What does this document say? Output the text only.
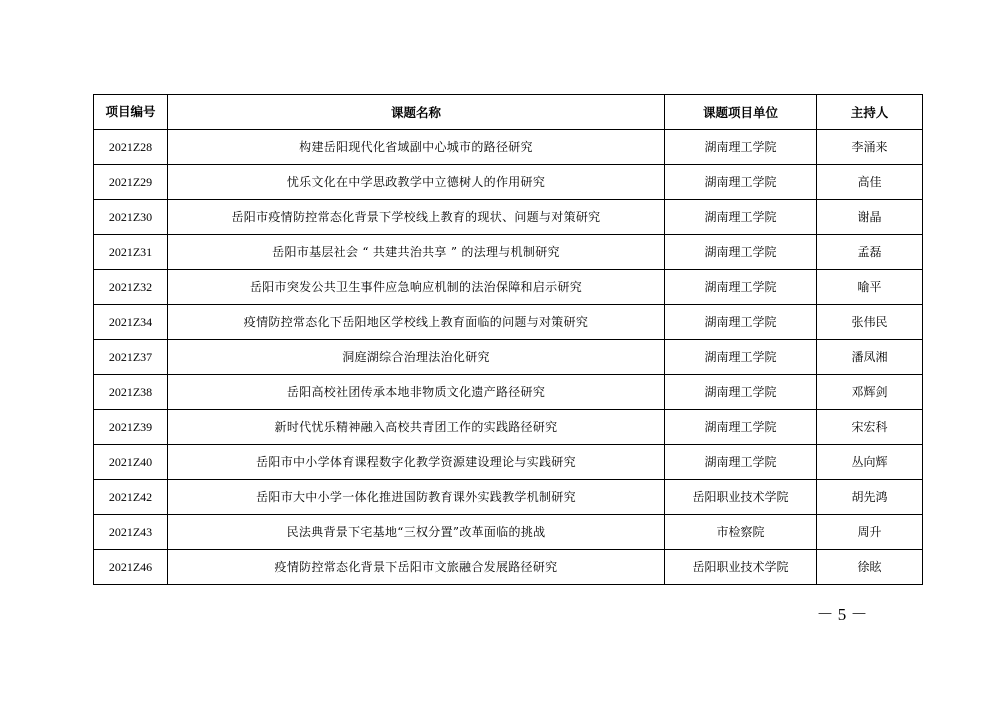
项目编号	课题名称	课题项目单位	主持人
2021Z28	构建岳阳现代化省域副中心城市的路径研究	湖南理工学院	李涌来
2021Z29	忧乐文化在中学思政教学中立德树人的作用研究	湖南理工学院	高佳
2021Z30	岳阳市疫情防控常态化背景下学校线上教育的现状、问题与对策研究	湖南理工学院	谢晶
2021Z31	岳阳市基层社会 “ 共建共治共享 ” 的法理与机制研究	湖南理工学院	孟磊
2021Z32	岳阳市突发公共卫生事件应急响应机制的法治保障和启示研究	湖南理工学院	喻平
2021Z34	疫情防控常态化下岳阳地区学校线上教育面临的问题与对策研究	湖南理工学院	张伟民
2021Z37	洞庭湖综合治理法治化研究	湖南理工学院	潘凤湘
2021Z38	岳阳高校社团传承本地非物质文化遗产路径研究	湖南理工学院	邓辉剑
2021Z39	新时代忧乐精神融入高校共青团工作的实践路径研究	湖南理工学院	宋宏科
2021Z40	岳阳市中小学体育课程数字化教学资源建设理论与实践研究	湖南理工学院	丛向辉
2021Z42	岳阳市大中小学一体化推进国防教育课外实践教学机制研究	岳阳职业技术学院	胡先鸿
2021Z43	民法典背景下宅基地“三权分置”改革面临的挑战	市检察院	周升
2021Z46	疫情防控常态化背景下岳阳市文旅融合发展路径研究	岳阳职业技术学院	徐眩
－ 5 －
